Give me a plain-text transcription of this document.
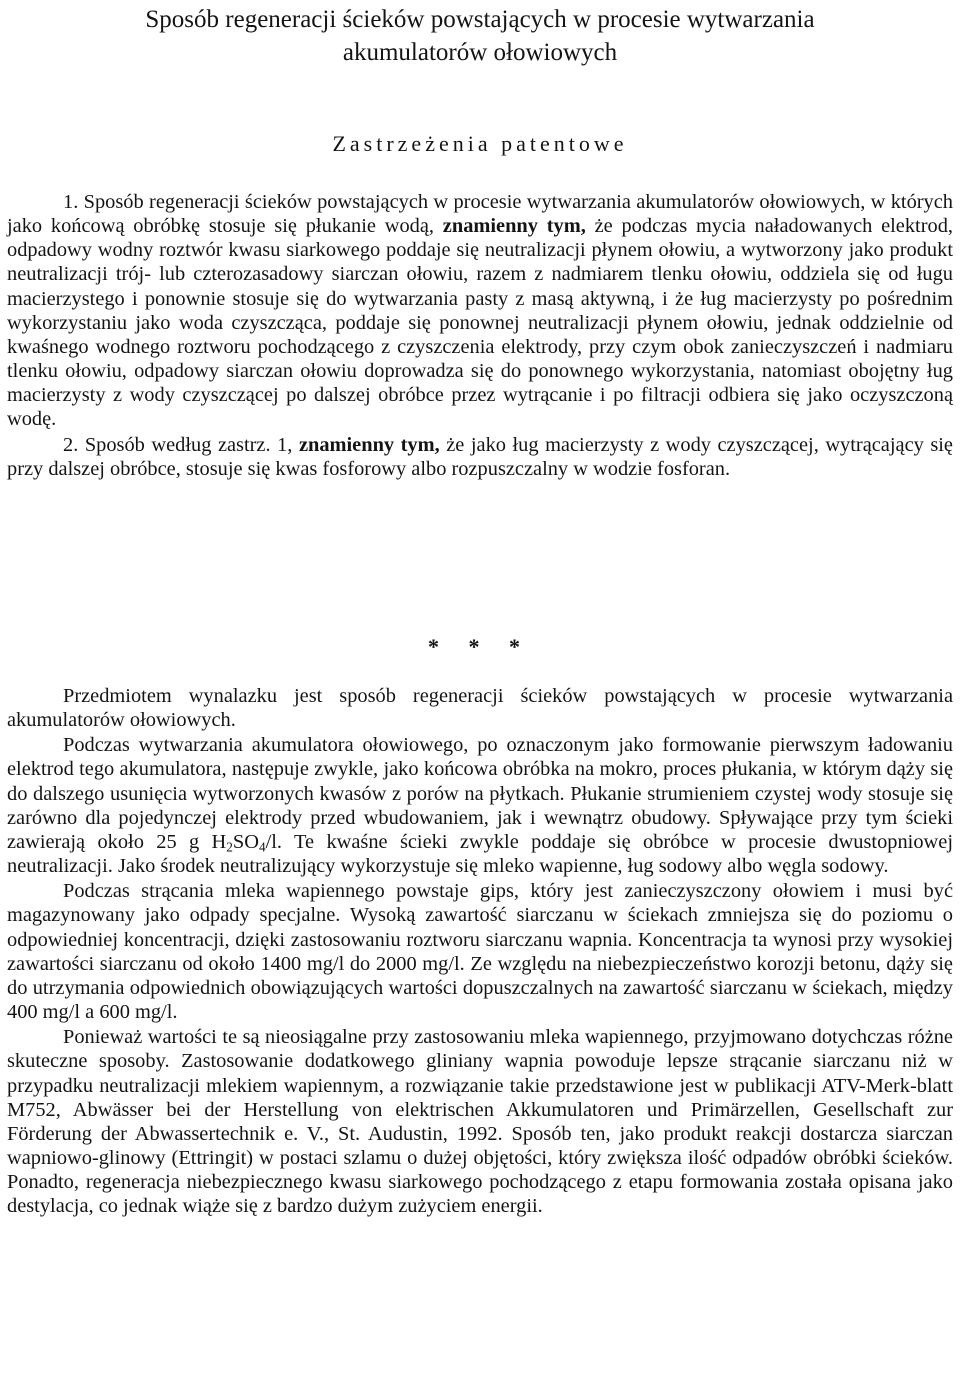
Sposób regeneracji ścieków powstających w procesie wytwarzania
akumulatorów ołowiowych
Zastrzeżenia patentowe

1. Sposób regeneracji ścieków powstających w procesie wytwarzania akumulatorów ołowiowych, w których jako końcową obróbkę stosuje się płukanie wodą, znamienny tym, że podczas mycia naładowanych elektrod, odpadowy wodny roztwór kwasu siarkowego poddaje się neutralizacji płynem ołowiu, a wytworzony jako produkt neutralizacji trój- lub czterozasadowy siarczan ołowiu, razem z nadmiarem tlenku ołowiu, oddziela się od ługu macierzystego i ponownie stosuje się do wytwarzania pasty z masą aktywną, i że ług macierzysty po pośrednim wykorzystaniu jako woda czyszcząca, poddaje się ponownej neutralizacji płynem ołowiu, jednak oddzielnie od kwaśnego wodnego roztworu pochodzącego z czyszczenia elektrody, przy czym obok zanieczyszczeń i nadmiaru tlenku ołowiu, odpadowy siarczan ołowiu doprowadza się do ponownego wykorzystania, natomiast obojętny ług macierzysty z wody czyszczącej po dalszej obróbce przez wytrącanie i po filtracji odbiera się jako oczyszczoną wodę.

2. Sposób według zastrz. 1, znamienny tym, że jako ług macierzysty z wody czyszczącej, wytrącający się przy dalszej obróbce, stosuje się kwas fosforowy albo rozpuszczalny w wodzie fosforan.

* * *

Przedmiotem wynalazku jest sposób regeneracji ścieków powstających w procesie wytwarzania akumulatorów ołowiowych.

Podczas wytwarzania akumulatora ołowiowego, po oznaczonym jako formowanie pierwszym ładowaniu elektrod tego akumulatora, następuje zwykle, jako końcowa obróbka na mokro, proces płukania, w którym dąży się do dalszego usunięcia wytworzonych kwasów z porów na płytkach. Płukanie strumieniem czystej wody stosuje się zarówno dla pojedynczej elektrody przed wbudowaniem, jak i wewnątrz obudowy. Spływające przy tym ścieki zawierają około 25 g $H_2SO_4/l$. Te kwaśne ścieki zwykle poddaje się obróbce w procesie dwustopniowej neutralizacji. Jako środek neutralizujący wykorzystuje się mleko wapienne, ług sodowy albo węgla sodowy.

Podczas strącania mleka wapiennego powstaje gips, który jest zanieczyszczony ołowiem i musi być magazynowany jako odpady specjalne. Wysoką zawartość siarczanu w ściekach zmniejsza się do poziomu o odpowiedniej koncentracji, dzięki zastosowaniu roztworu siarczanu wapnia. Koncentracja ta wynosi przy wysokiej zawartości siarczanu od około 1400 mg/l do 2000 mg/l. Ze względu na niebezpieczeństwo korozji betonu, dąży się do utrzymania odpowiednich obowiązujących wartości dopuszczalnych na zawartość siarczanu w ściekach, między 400 mg/l a 600 mg/l.

Ponieważ wartości te są nieosiągalne przy zastosowaniu mleka wapiennego, przyjmowano dotychczas różne skuteczne sposoby. Zastosowanie dodatkowego gliniany wapnia powoduje lepsze strącanie siarczanu niż w przypadku neutralizacji mlekiem wapiennym, a rozwiązanie takie przedstawione jest w publikacji ATV-Merk-blatt M752, Abwässer bei der Herstellung von elektrischen Akkumulatoren und Primärzellen, Gesellschaft zur Förderung der Abwassertechnik e. V., St. Audustin, 1992. Sposób ten, jako produkt reakcji dostarcza siarczan wapniowo-glinowy (Ettringit) w postaci szlamu o dużej objętości, który zwiększa ilość odpadów obróbki ścieków. Ponadto, regeneracja niebezpiecznego kwasu siarkowego pochodzącego z etapu formowania została opisana jako destylacja, co jednak wiąże się z bardzo dużym zużyciem energii.
